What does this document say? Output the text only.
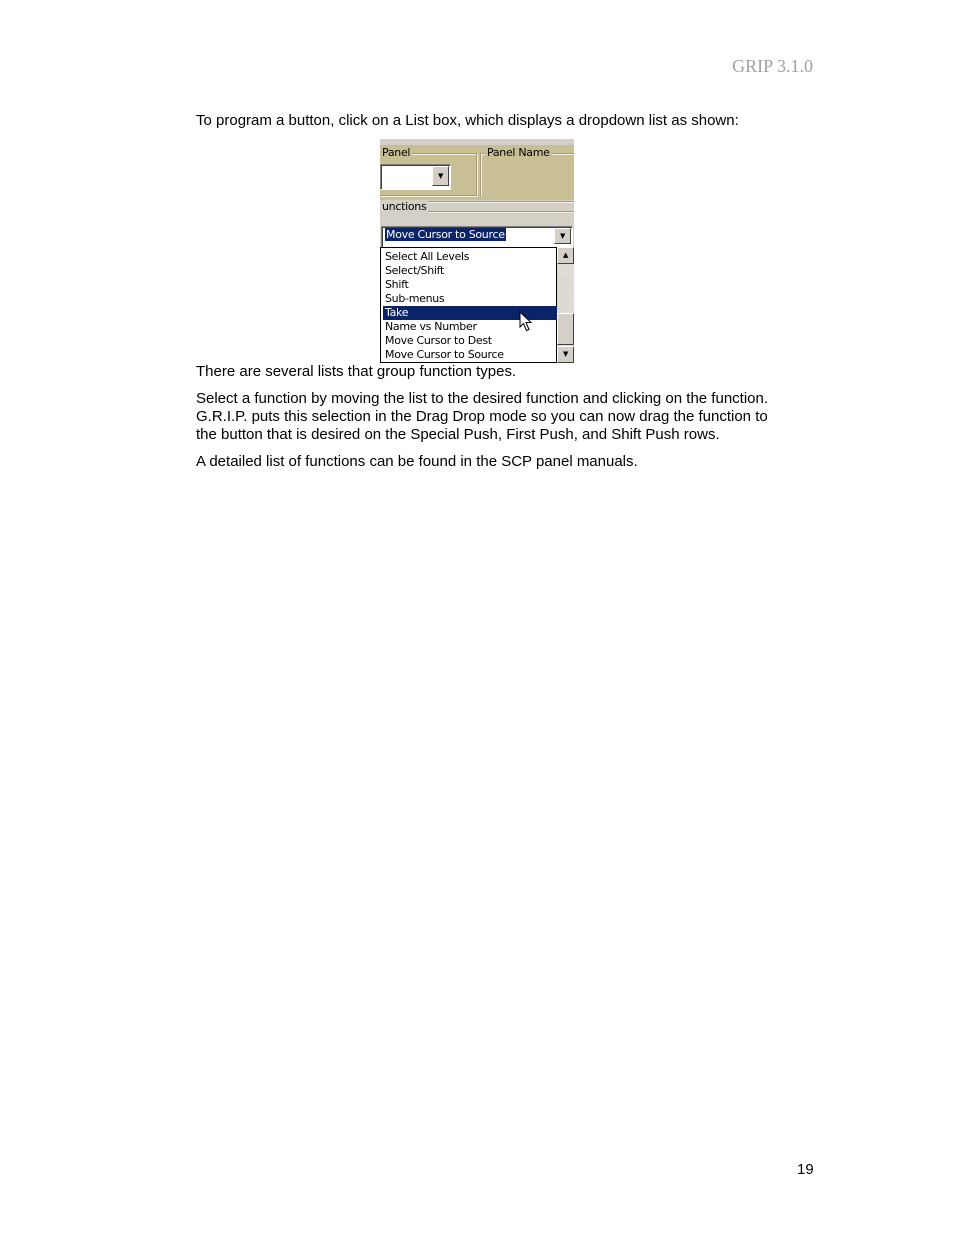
GRIP 3.1.0
To program a button, click on a List box, which displays a dropdown list as shown:
Panel	Panel Name
▼
unctions
Move Cursor to Source	▼
Select All Levels
Select/Shift
Shift
Sub-menus
Take
Name vs Number
Move Cursor to Dest
Move Cursor to Source
▲
▼
There are several lists that group function types.
Select a function by moving the list to the desired function and clicking on the function.
G.R.I.P. puts this selection in the Drag Drop mode so you can now drag the function to
the button that is desired on the Special Push, First Push, and Shift Push rows.
A detailed list of functions can be found in the SCP panel manuals.
19
